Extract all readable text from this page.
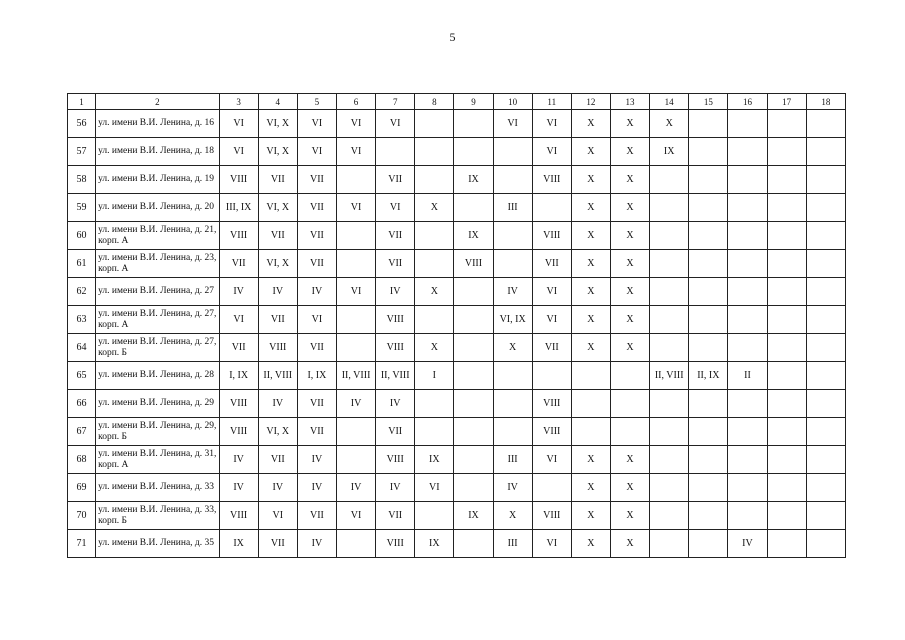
5
1	2	3	4	5	6	7	8	9	10	11	12	13	14	15	16	17	18
56	ул. имени В.И. Ленина, д. 16	VI	VI, X	VI	VI	VI			VI	VI	X	X	X				
57	ул. имени В.И. Ленина, д. 18	VI	VI, X	VI	VI					VI	X	X	IX				
58	ул. имени В.И. Ленина, д. 19	VIII	VII	VII		VII		IX		VIII	X	X					
59	ул. имени В.И. Ленина, д. 20	III, IX	VI, X	VII	VI	VI	X		III		X	X					
60	ул. имени В.И. Ленина, д. 21, корп. А	VIII	VII	VII		VII		IX		VIII	X	X					
61	ул. имени В.И. Ленина, д. 23, корп. А	VII	VI, X	VII		VII		VIII		VII	X	X					
62	ул. имени В.И. Ленина, д. 27	IV	IV	IV	VI	IV	X		IV	VI	X	X					
63	ул. имени В.И. Ленина, д. 27, корп. А	VI	VII	VI		VIII			VI, IX	VI	X	X					
64	ул. имени В.И. Ленина, д. 27, корп. Б	VII	VIII	VII		VIII	X		X	VII	X	X					
65	ул. имени В.И. Ленина, д. 28	I, IX	II, VIII	I, IX	II, VIII	II, VIII	I						II, VIII	II, IX	II		
66	ул. имени В.И. Ленина, д. 29	VIII	IV	VII	IV	IV				VIII							
67	ул. имени В.И. Ленина, д. 29, корп. Б	VIII	VI, X	VII		VII				VIII							
68	ул. имени В.И. Ленина, д. 31, корп. А	IV	VII	IV		VIII	IX		III	VI	X	X					
69	ул. имени В.И. Ленина, д. 33	IV	IV	IV	IV	IV	VI		IV		X	X					
70	ул. имени В.И. Ленина, д. 33, корп. Б	VIII	VI	VII	VI	VII		IX	X	VIII	X	X					
71	ул. имени В.И. Ленина, д. 35	IX	VII	IV		VIII	IX		III	VI	X	X			IV		
